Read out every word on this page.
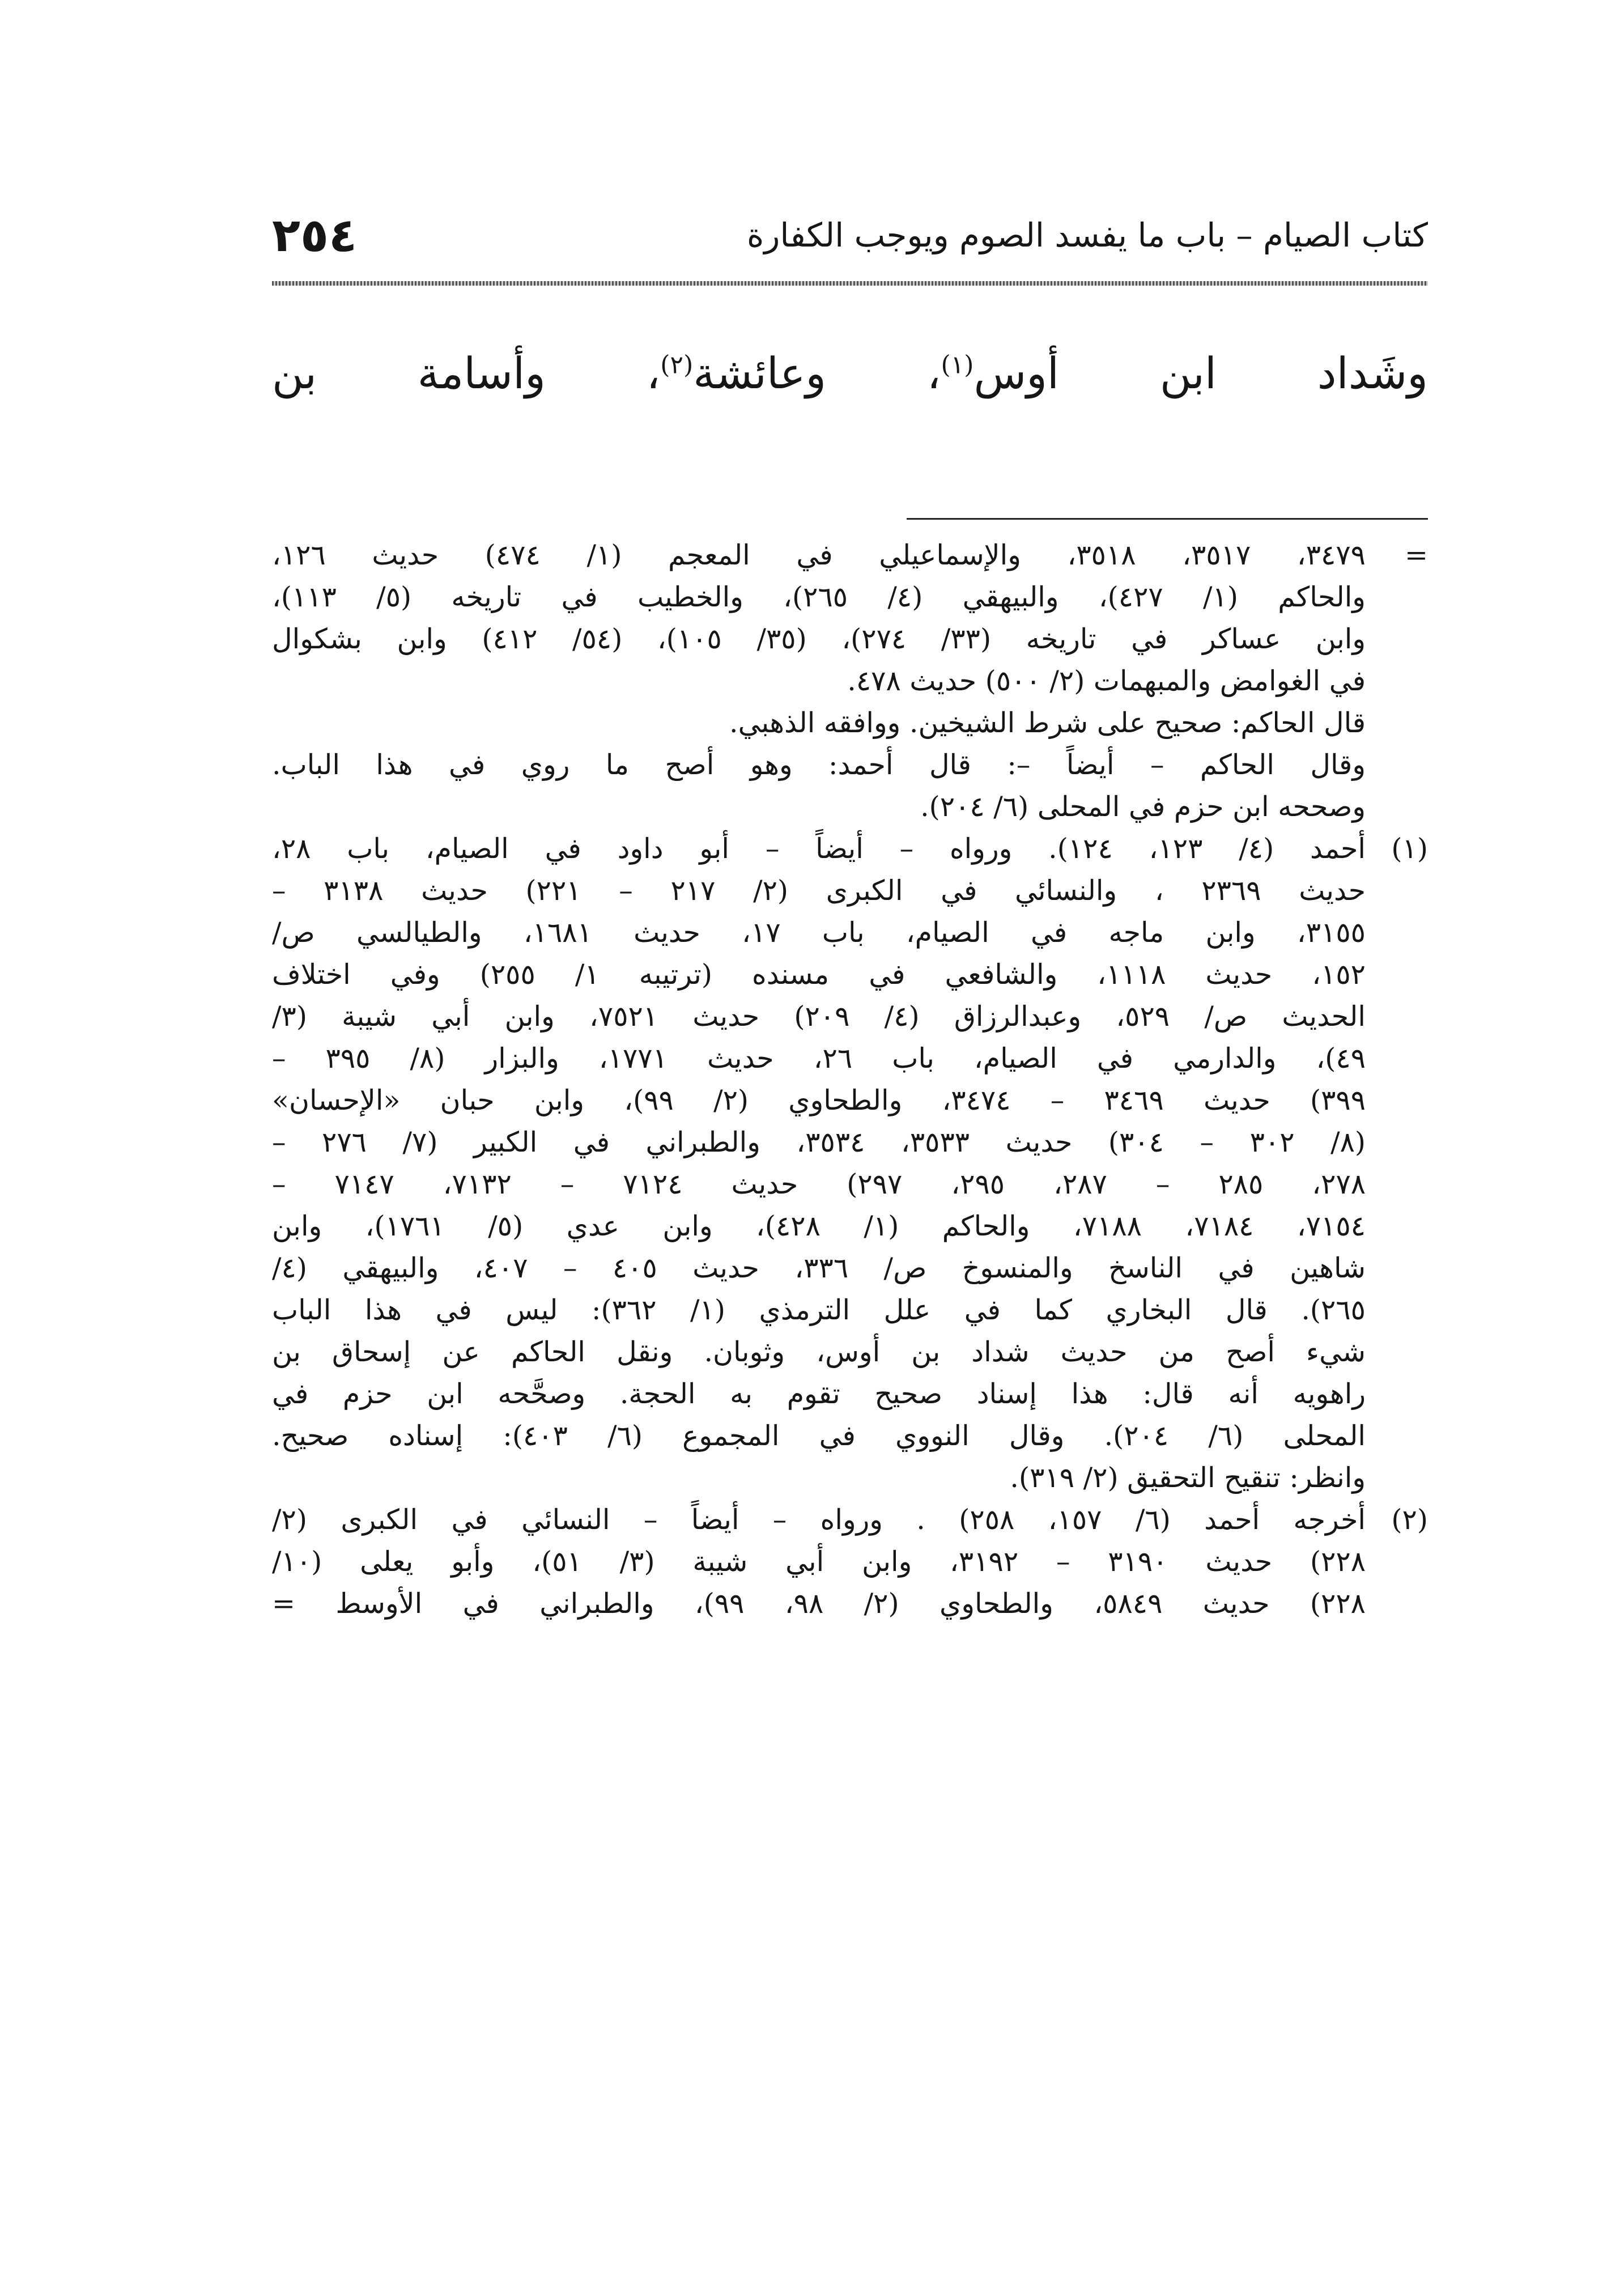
كتاب الصيام – باب ما يفسد الصوم ويوجب الكفارة
٢٥٤
وشَداد ابن أوس$^{(١)}$، وعائشة$^{(٢)}$، وأسامة بن
=
٣٤٧٩، ٣٥١٧، ٣٥١٨، والإسماعيلي في المعجم (١/ ٤٧٤) حديث ١٢٦،
والحاكم (١/ ٤٢٧)، والبيهقي (٤/ ٢٦٥)، والخطيب في تاريخه (٥/ ١١٣)،
وابن عساكر في تاريخه (٣٣/ ٢٧٤)، (٣٥/ ١٠٥)، (٥٤/ ٤١٢) وابن بشكوال
في الغوامض والمبهمات (٢/ ٥٠٠) حديث ٤٧٨.
قال الحاكم: صحيح على شرط الشيخين. ووافقه الذهبي.
وقال الحاكم – أيضاً –: قال أحمد: وهو أصح ما روي في هذا الباب.
وصححه ابن حزم في المحلى (٦/ ٢٠٤).
(١)
أحمد (٤/ ١٢٣، ١٢٤). ورواه – أيضاً – أبو داود في الصيام، باب ٢٨،
حديث ٢٣٦٩ ، والنسائي في الكبرى (٢/ ٢١٧ – ٢٢١) حديث ٣١٣٨ –
٣١٥٥، وابن ماجه في الصيام، باب ١٧، حديث ١٦٨١، والطيالسي ص/
١٥٢، حديث ١١١٨، والشافعي في مسنده (ترتيبه ١/ ٢٥٥) وفي اختلاف
الحديث ص/ ٥٢٩، وعبدالرزاق (٤/ ٢٠٩) حديث ٧٥٢١، وابن أبي شيبة (٣/
٤٩)، والدارمي في الصيام، باب ٢٦، حديث ١٧٧١، والبزار (٨/ ٣٩٥ –
٣٩٩) حديث ٣٤٦٩ – ٣٤٧٤، والطحاوي (٢/ ٩٩)، وابن حبان «الإحسان»
(٨/ ٣٠٢ – ٣٠٤) حديث ٣٥٣٣، ٣٥٣٤، والطبراني في الكبير (٧/ ٢٧٦ –
٢٧٨، ٢٨٥ – ٢٨٧، ٢٩٥، ٢٩٧) حديث ٧١٢٤ – ٧١٣٢، ٧١٤٧ –
٧١٥٤، ٧١٨٤، ٧١٨٨، والحاكم (١/ ٤٢٨)، وابن عدي (٥/ ١٧٦١)، وابن
شاهين في الناسخ والمنسوخ ص/ ٣٣٦، حديث ٤٠٥ – ٤٠٧، والبيهقي (٤/
٢٦٥). قال البخاري كما في علل الترمذي (١/ ٣٦٢): ليس في هذا الباب
شيء أصح من حديث شداد بن أوس، وثوبان. ونقل الحاكم عن إسحاق بن
راهويه أنه قال: هذا إسناد صحيح تقوم به الحجة. وصحَّحه ابن حزم في
المحلى (٦/ ٢٠٤). وقال النووي في المجموع (٦/ ٤٠٣): إسناده صحيح.
وانظر: تنقيح التحقيق (٢/ ٣١٩).
(٢)
أخرجه أحمد (٦/ ١٥٧، ٢٥٨) . ورواه – أيضاً – النسائي في الكبرى (٢/
٢٢٨) حديث ٣١٩٠ – ٣١٩٢، وابن أبي شيبة (٣/ ٥١)، وأبو يعلى (١٠/
٢٢٨) حديث ٥٨٤٩، والطحاوي (٢/ ٩٨، ٩٩)، والطبراني في الأوسط =
